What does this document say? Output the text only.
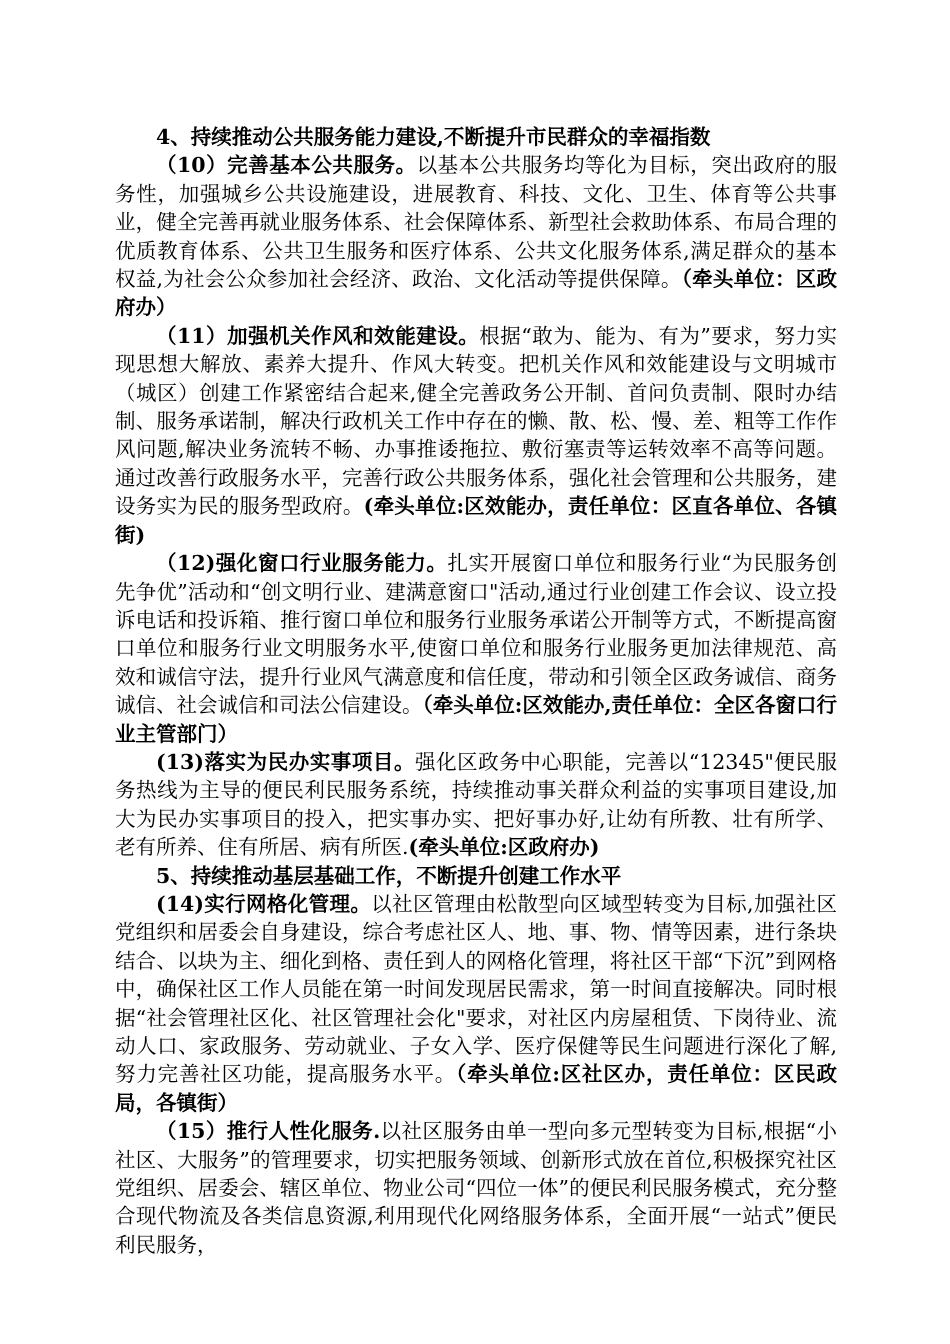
4、持续推动公共服务能力建设,不断提升市民群众的幸福指数

（10）完善基本公共服务。以基本公共服务均等化为目标，突出政府的服务性，加强城乡公共设施建设，进展教育、科技、文化、卫生、体育等公共事业，健全完善再就业服务体系、社会保障体系、新型社会救助体系、布局合理的优质教育体系、公共卫生服务和医疗体系、公共文化服务体系,满足群众的基本权益,为社会公众参加社会经济、政治、文化活动等提供保障。（牵头单位：区政府办）

（11）加强机关作风和效能建设。根据“敢为、能为、有为”要求，努力实现思想大解放、素养大提升、作风大转变。把机关作风和效能建设与文明城市（城区）创建工作紧密结合起来,健全完善政务公开制、首问负责制、限时办结制、服务承诺制，解决行政机关工作中存在的懒、散、松、慢、差、粗等工作作风问题,解决业务流转不畅、办事推诿拖拉、敷衍塞责等运转效率不高等问题。通过改善行政服务水平，完善行政公共服务体系，强化社会管理和公共服务，建设务实为民的服务型政府。(牵头单位:区效能办，责任单位：区直各单位、各镇街)

（12)强化窗口行业服务能力。扎实开展窗口单位和服务行业“为民服务创先争优”活动和“创文明行业、建满意窗口"活动,通过行业创建工作会议、设立投诉电话和投诉箱、推行窗口单位和服务行业服务承诺公开制等方式，不断提高窗口单位和服务行业文明服务水平,使窗口单位和服务行业服务更加法律规范、高效和诚信守法，提升行业风气满意度和信任度，带动和引领全区政务诚信、商务诚信、社会诚信和司法公信建设。（牵头单位:区效能办,责任单位：全区各窗口行业主管部门）

(13)落实为民办实事项目。强化区政务中心职能，完善以“12345"便民服务热线为主导的便民利民服务系统，持续推动事关群众利益的实事项目建设,加大为民办实事项目的投入，把实事办实、把好事办好,让幼有所教、壮有所学、老有所养、住有所居、病有所医.(牵头单位:区政府办)

5、持续推动基层基础工作，不断提升创建工作水平

(14)实行网格化管理。以社区管理由松散型向区域型转变为目标,加强社区党组织和居委会自身建设，综合考虑社区人、地、事、物、情等因素，进行条块结合、以块为主、细化到格、责任到人的网格化管理，将社区干部“下沉”到网格中，确保社区工作人员能在第一时间发现居民需求，第一时间直接解决。同时根据“社会管理社区化、社区管理社会化"要求，对社区内房屋租赁、下岗待业、流动人口、家政服务、劳动就业、子女入学、医疗保健等民生问题进行深化了解,努力完善社区功能，提高服务水平。（牵头单位:区社区办，责任单位：区民政局，各镇街）

（15）推行人性化服务.以社区服务由单一型向多元型转变为目标,根据“小社区、大服务”的管理要求，切实把服务领域、创新形式放在首位,积极探究社区党组织、居委会、辖区单位、物业公司“四位一体”的便民利民服务模式，充分整合现代物流及各类信息资源,利用现代化网络服务体系，全面开展“一站式”便民利民服务，
